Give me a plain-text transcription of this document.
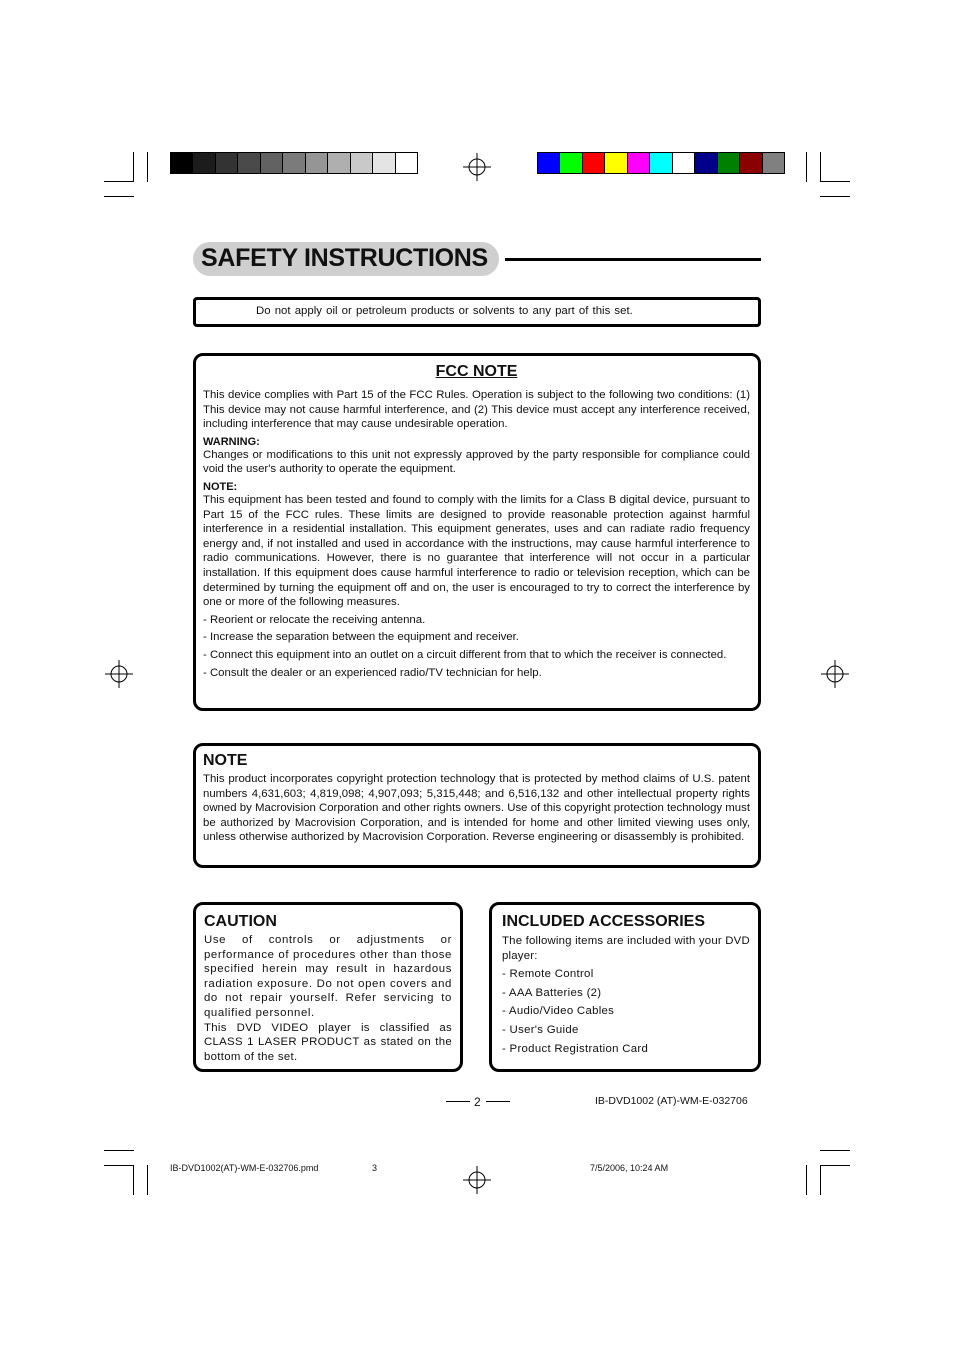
SAFETY INSTRUCTIONS
Do not apply oil or petroleum products or solvents to any part of this set.
FCC NOTE
This device complies with Part 15 of the FCC Rules. Operation is subject to the following two conditions: (1) This device may not cause harmful interference, and (2) This device must accept any interference received, including interference that may cause undesirable operation.
WARNING:
Changes or modifications to this unit not expressly approved by the party responsible for compliance could void the user's authority to operate the equipment.
NOTE:
This equipment has been tested and found to comply with the limits for a Class B digital device, pursuant to Part 15 of the FCC rules. These limits are designed to provide reasonable protection against harmful interference in a residential installation. This equipment generates, uses and can radiate radio frequency energy and, if not installed and used in accordance with the instructions, may cause harmful interference to radio communications. However, there is no guarantee that interference will not occur in a particular installation. If this equipment does cause harmful interference to radio or television reception, which can be determined by turning the equipment off and on, the user is encouraged to try to correct the interference by one or more of the following measures.
- Reorient or relocate the receiving antenna.
- Increase the separation between the equipment and receiver.
- Connect this equipment into an outlet on a circuit different from that to which the receiver is connected.
- Consult the dealer or an experienced radio/TV technician for help.
NOTE
This product incorporates copyright protection technology that is protected by method claims of U.S. patent numbers 4,631,603; 4,819,098; 4,907,093; 5,315,448; and 6,516,132 and other intellectual property rights owned by Macrovision Corporation and other rights owners. Use of this copyright protection technology must be authorized by Macrovision Corporation, and is intended for home and other limited viewing uses only, unless otherwise authorized by Macrovision Corporation. Reverse engineering or disassembly is prohibited.
CAUTION
Use of controls or adjustments or performance of procedures other than those specified herein may result in hazardous radiation exposure. Do not open covers and do not repair yourself. Refer servicing to qualified personnel.
This DVD VIDEO player is classified as CLASS 1 LASER PRODUCT as stated on the bottom of the set.
INCLUDED ACCESSORIES
The following items are included with your DVD player:
- Remote Control
- AAA Batteries (2)
- Audio/Video Cables
- User's Guide
- Product Registration Card
2	IB-DVD1002 (AT)-WM-E-032706
IB-DVD1002(AT)-WM-E-032706.pmd	3	7/5/2006, 10:24 AM
